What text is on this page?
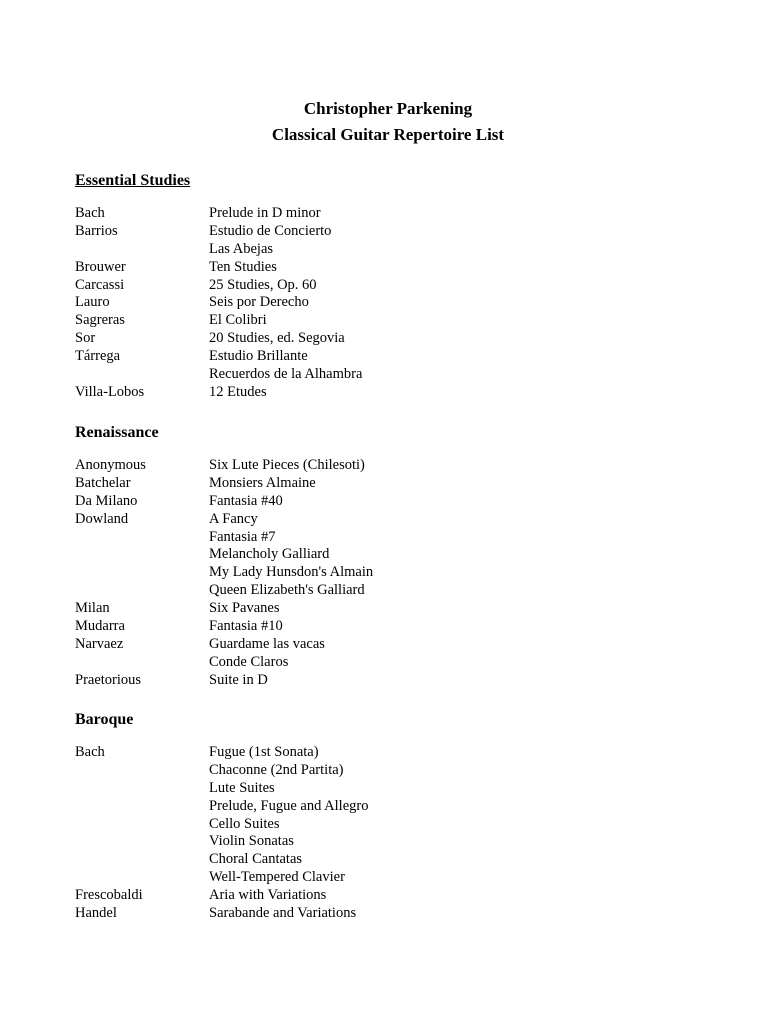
Christopher Parkening
Classical Guitar Repertoire List
Essential Studies
Bach	Prelude in D minor
Barrios	Estudio de Concierto
Las Abejas
Brouwer	Ten Studies
Carcassi	25 Studies, Op. 60
Lauro	Seis por Derecho
Sagreras	El Colibri
Sor	20 Studies, ed. Segovia
Tárrega	Estudio Brillante
Recuerdos de la Alhambra
Villa-Lobos	12 Etudes
Renaissance
Anonymous	Six Lute Pieces (Chilesoti)
Batchelar	Monsiers Almaine
Da Milano	Fantasia #40
Dowland	A Fancy
Fantasia #7
Melancholy Galliard
My Lady Hunsdon's Almain
Queen Elizabeth's Galliard
Milan	Six Pavanes
Mudarra	Fantasia #10
Narvaez	Guardame las vacas
Conde Claros
Praetorious	Suite in D
Baroque
Bach	Fugue (1st Sonata)
Chaconne (2nd Partita)
Lute Suites
Prelude, Fugue and Allegro
Cello Suites
Violin Sonatas
Choral Cantatas
Well-Tempered Clavier
Frescobaldi	Aria with Variations
Handel	Sarabande and Variations
